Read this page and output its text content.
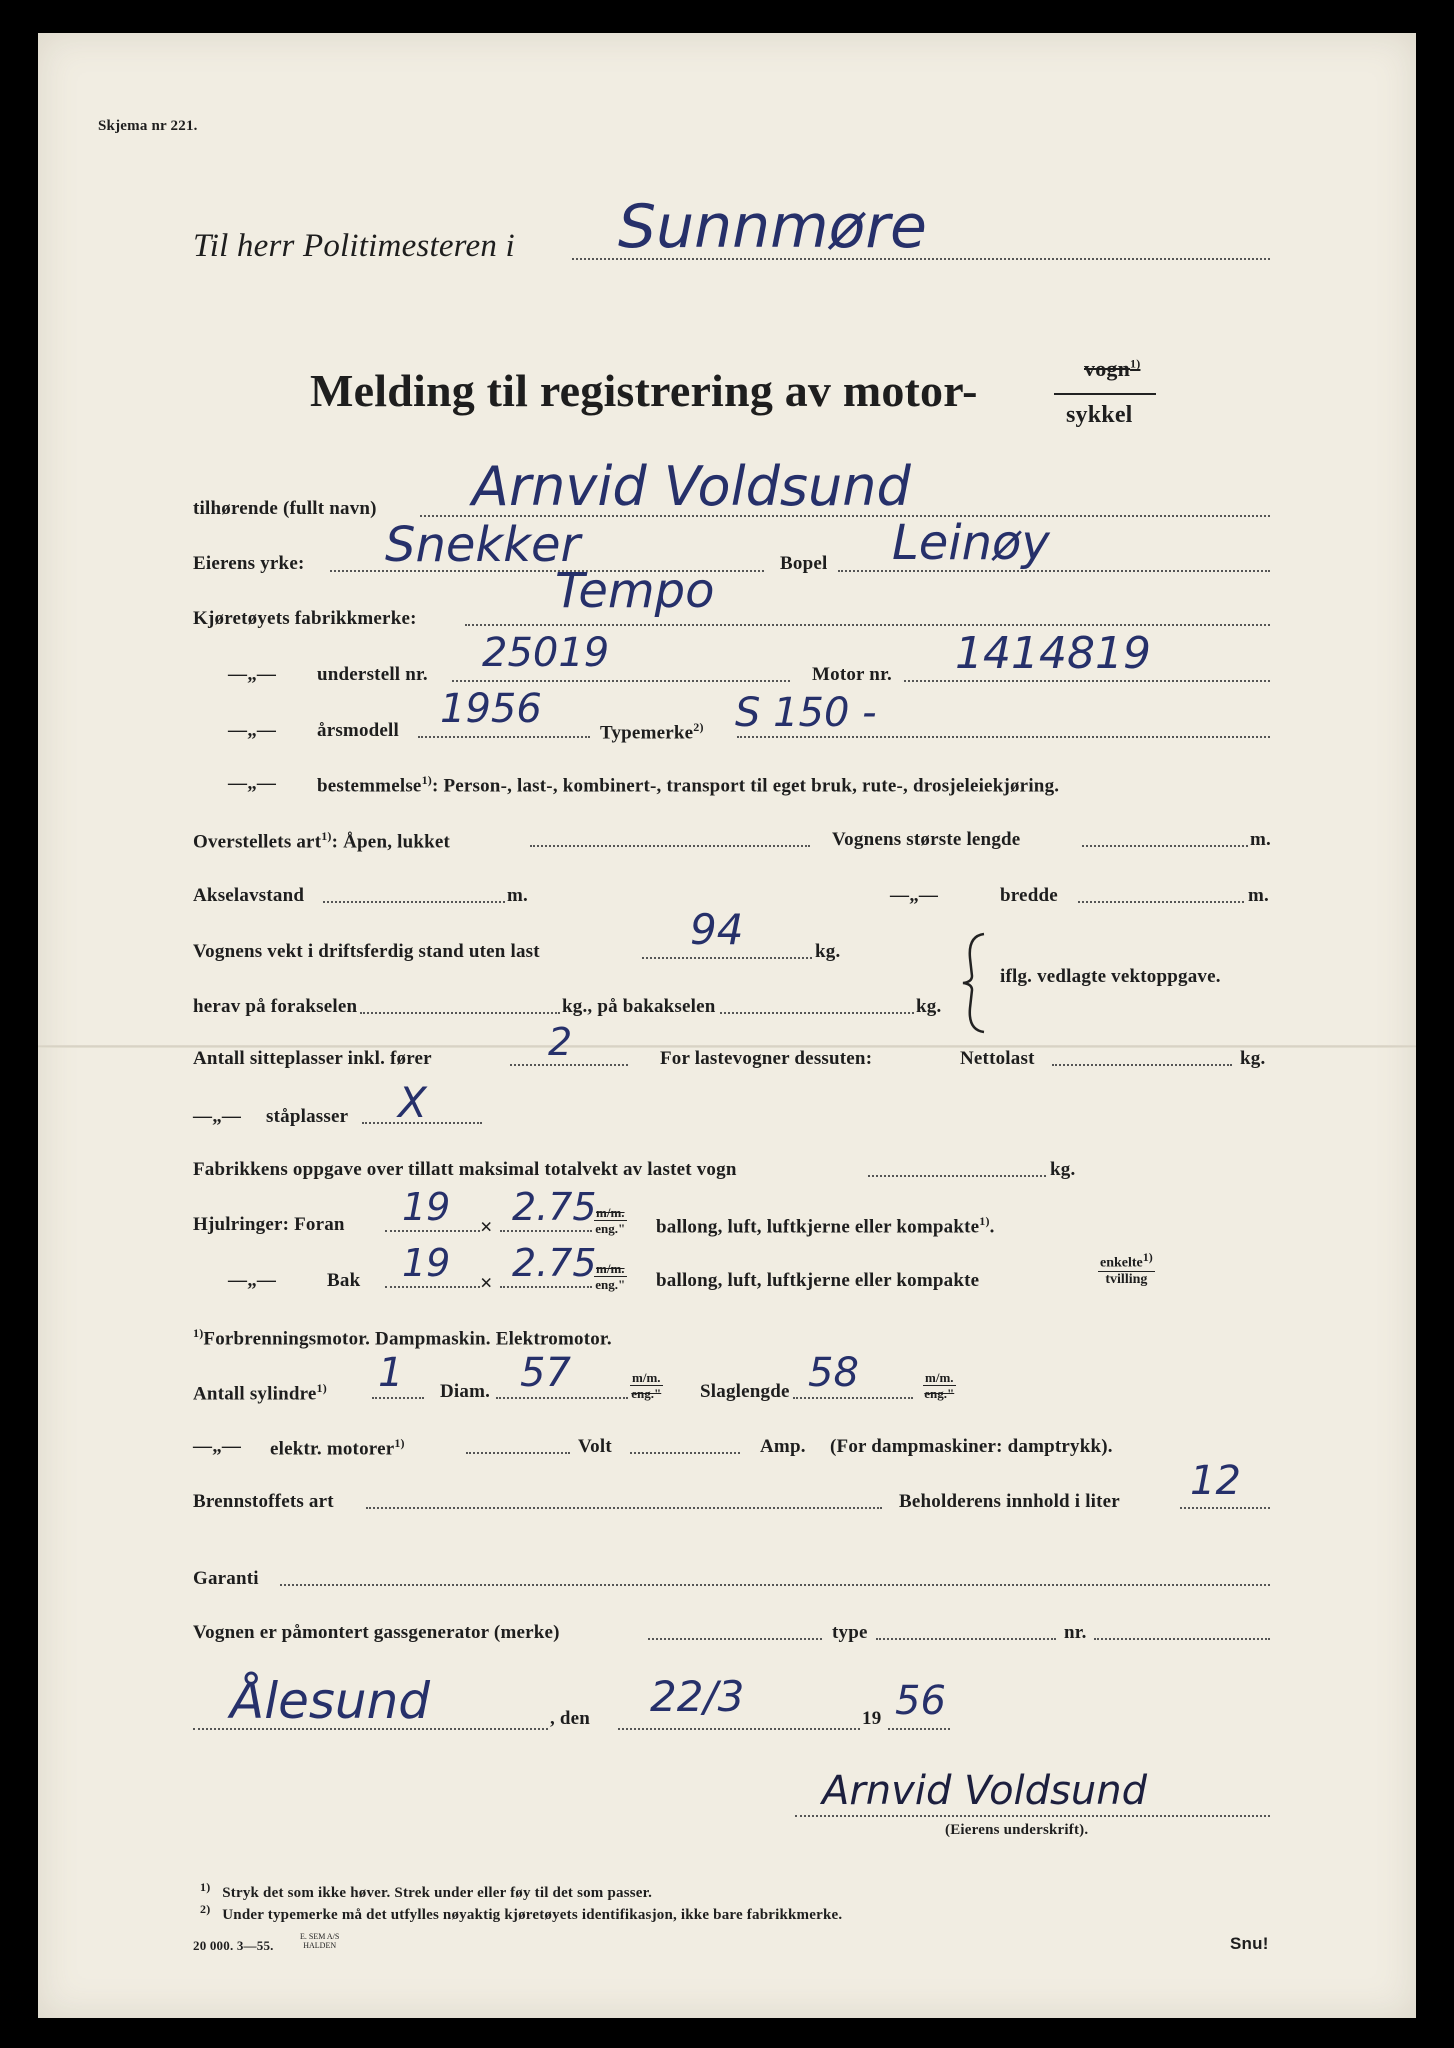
Skjema nr 221.
Til herr Politimesteren i Sunnmøre
Melding til registrering av motor-	vogn$^{1)}$
sykkel
tilhørende (fullt navn) Arnvid Voldsund
Eierens yrke: Snekker	Bopel Leinøy
Kjøretøyets fabrikkmerke:	Tempo
—„— understell nr. 25019	Motor nr. 1414819
—„— årsmodell 1956
Typemerke$^{2)}$ S 150 -
—„— bestemmelse$^{1)}$: Person-, last-, kombinert-, transport til eget bruk, rute-, drosjeleiekjøring.
Overstellets art$^{1)}$: Åpen, lukket	Vognens største lengde	m.
Akselavstand	m.	—„—	bredde	m.
Vognens vekt i driftsferdig stand uten last	94	kg.
herav på forakselen	kg., på bakakselen	kg.
iflg. vedlagte vektoppgave.
Antall sitteplasser inkl. fører	2	For lastevogner dessuten:	Nettolast	kg.
—„— ståplasser X
Fabrikkens oppgave over tillatt maksimal totalvekt av lastet vogn	kg.
Hjulringer: Foran 19 × 2.75 m/m.
eng." ballong, luft, luftkjerne eller kompakte$^{1)}$.
—„—	Bak 19 × 2.75 m/m.
eng." ballong, luft, luftkjerne eller kompakte
enkelte$^{1)}$
tvilling
$^{1)}$Forbrenningsmotor. Dampmaskin. Elektromotor.
Antall sylindre$^{1)}$ 1 Diam. 57	m/m.
eng." Slaglengde 58	m/m.
eng."
—„— elektr. motorer$^{1)}$	Volt	Amp. (For dampmaskiner: damptrykk).
Brennstoffets art	Beholderens innhold i liter 12
Garanti
Vognen er påmontert gassgenerator (merke)	type	nr.
Ålesund	, den 22/3	19 56
Arnvid Voldsund
(Eierens underskrift).
$^{1)}$ Stryk det som ikke høver. Strek under eller føy til det som passer.
$^{2)}$ Under typemerke må det utfylles nøyaktig kjøretøyets identifikasjon, ikke bare fabrikkmerke.
20 000. 3—55.
E. SEM A/S
HALDEN	Snu!
